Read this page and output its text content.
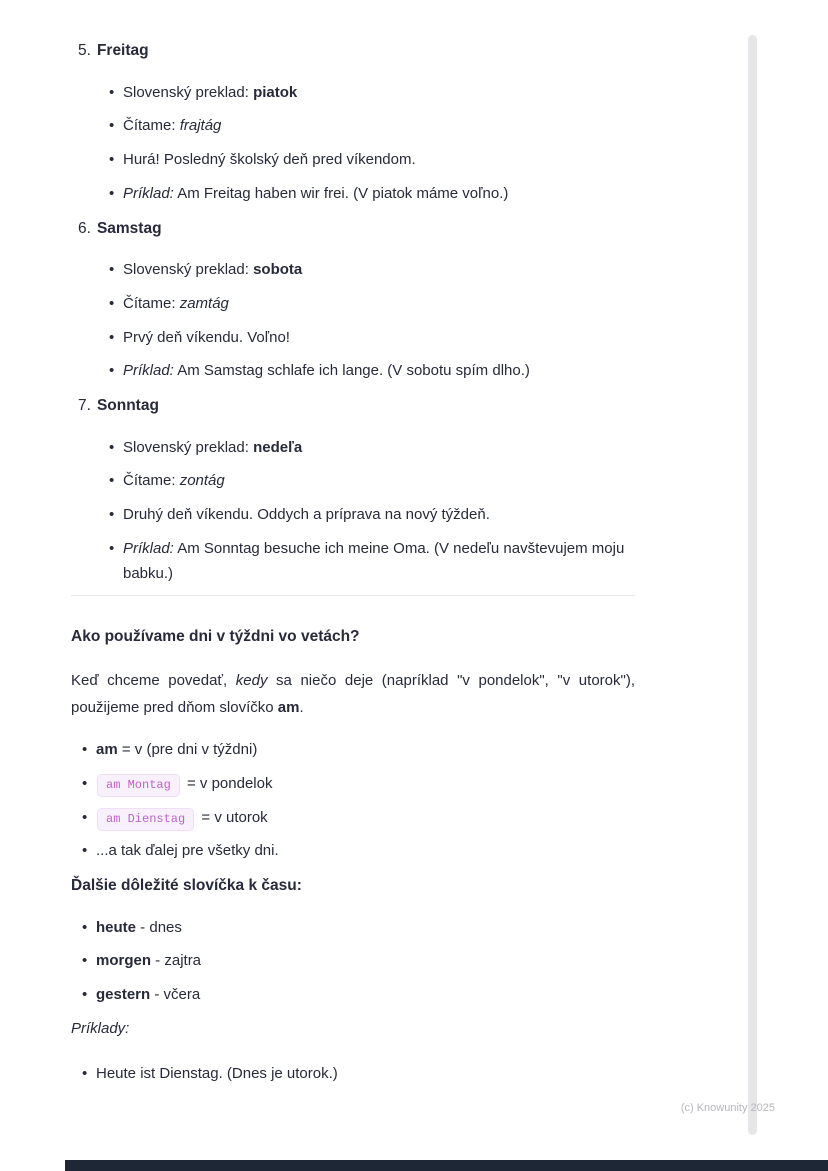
5. Freitag
• Slovenský preklad: piatok
• Čítame: frajtág
• Hurá! Posledný školský deň pred víkendom.
• Príklad: Am Freitag haben wir frei. (V piatok máme voľno.)
6. Samstag
• Slovenský preklad: sobota
• Čítame: zamtág
• Prvý deň víkendu. Voľno!
• Príklad: Am Samstag schlafe ich lange. (V sobotu spím dlho.)
7. Sonntag
• Slovenský preklad: nedeľa
• Čítame: zontág
• Druhý deň víkendu. Oddych a príprava na nový týždeň.
• Príklad: Am Sonntag besuche ich meine Oma. (V nedeľu navštevujem moju babku.)
Ako používame dni v týždni vo vetách?

Keď chceme povedať, kedy sa niečo deje (napríklad "v pondelok", "v utorok"), použijeme pred dňom slovíčko am.

• am = v (pre dni v týždni)
• am Montag = v pondelok
• am Dienstag = v utorok
• ...a tak ďalej pre všetky dni.
Ďalšie dôležité slovíčka k času:
• heute - dnes
• morgen - zajtra
• gestern - včera

Príklady:

• Heute ist Dienstag. (Dnes je utorok.)
(c) Knowunity 2025
